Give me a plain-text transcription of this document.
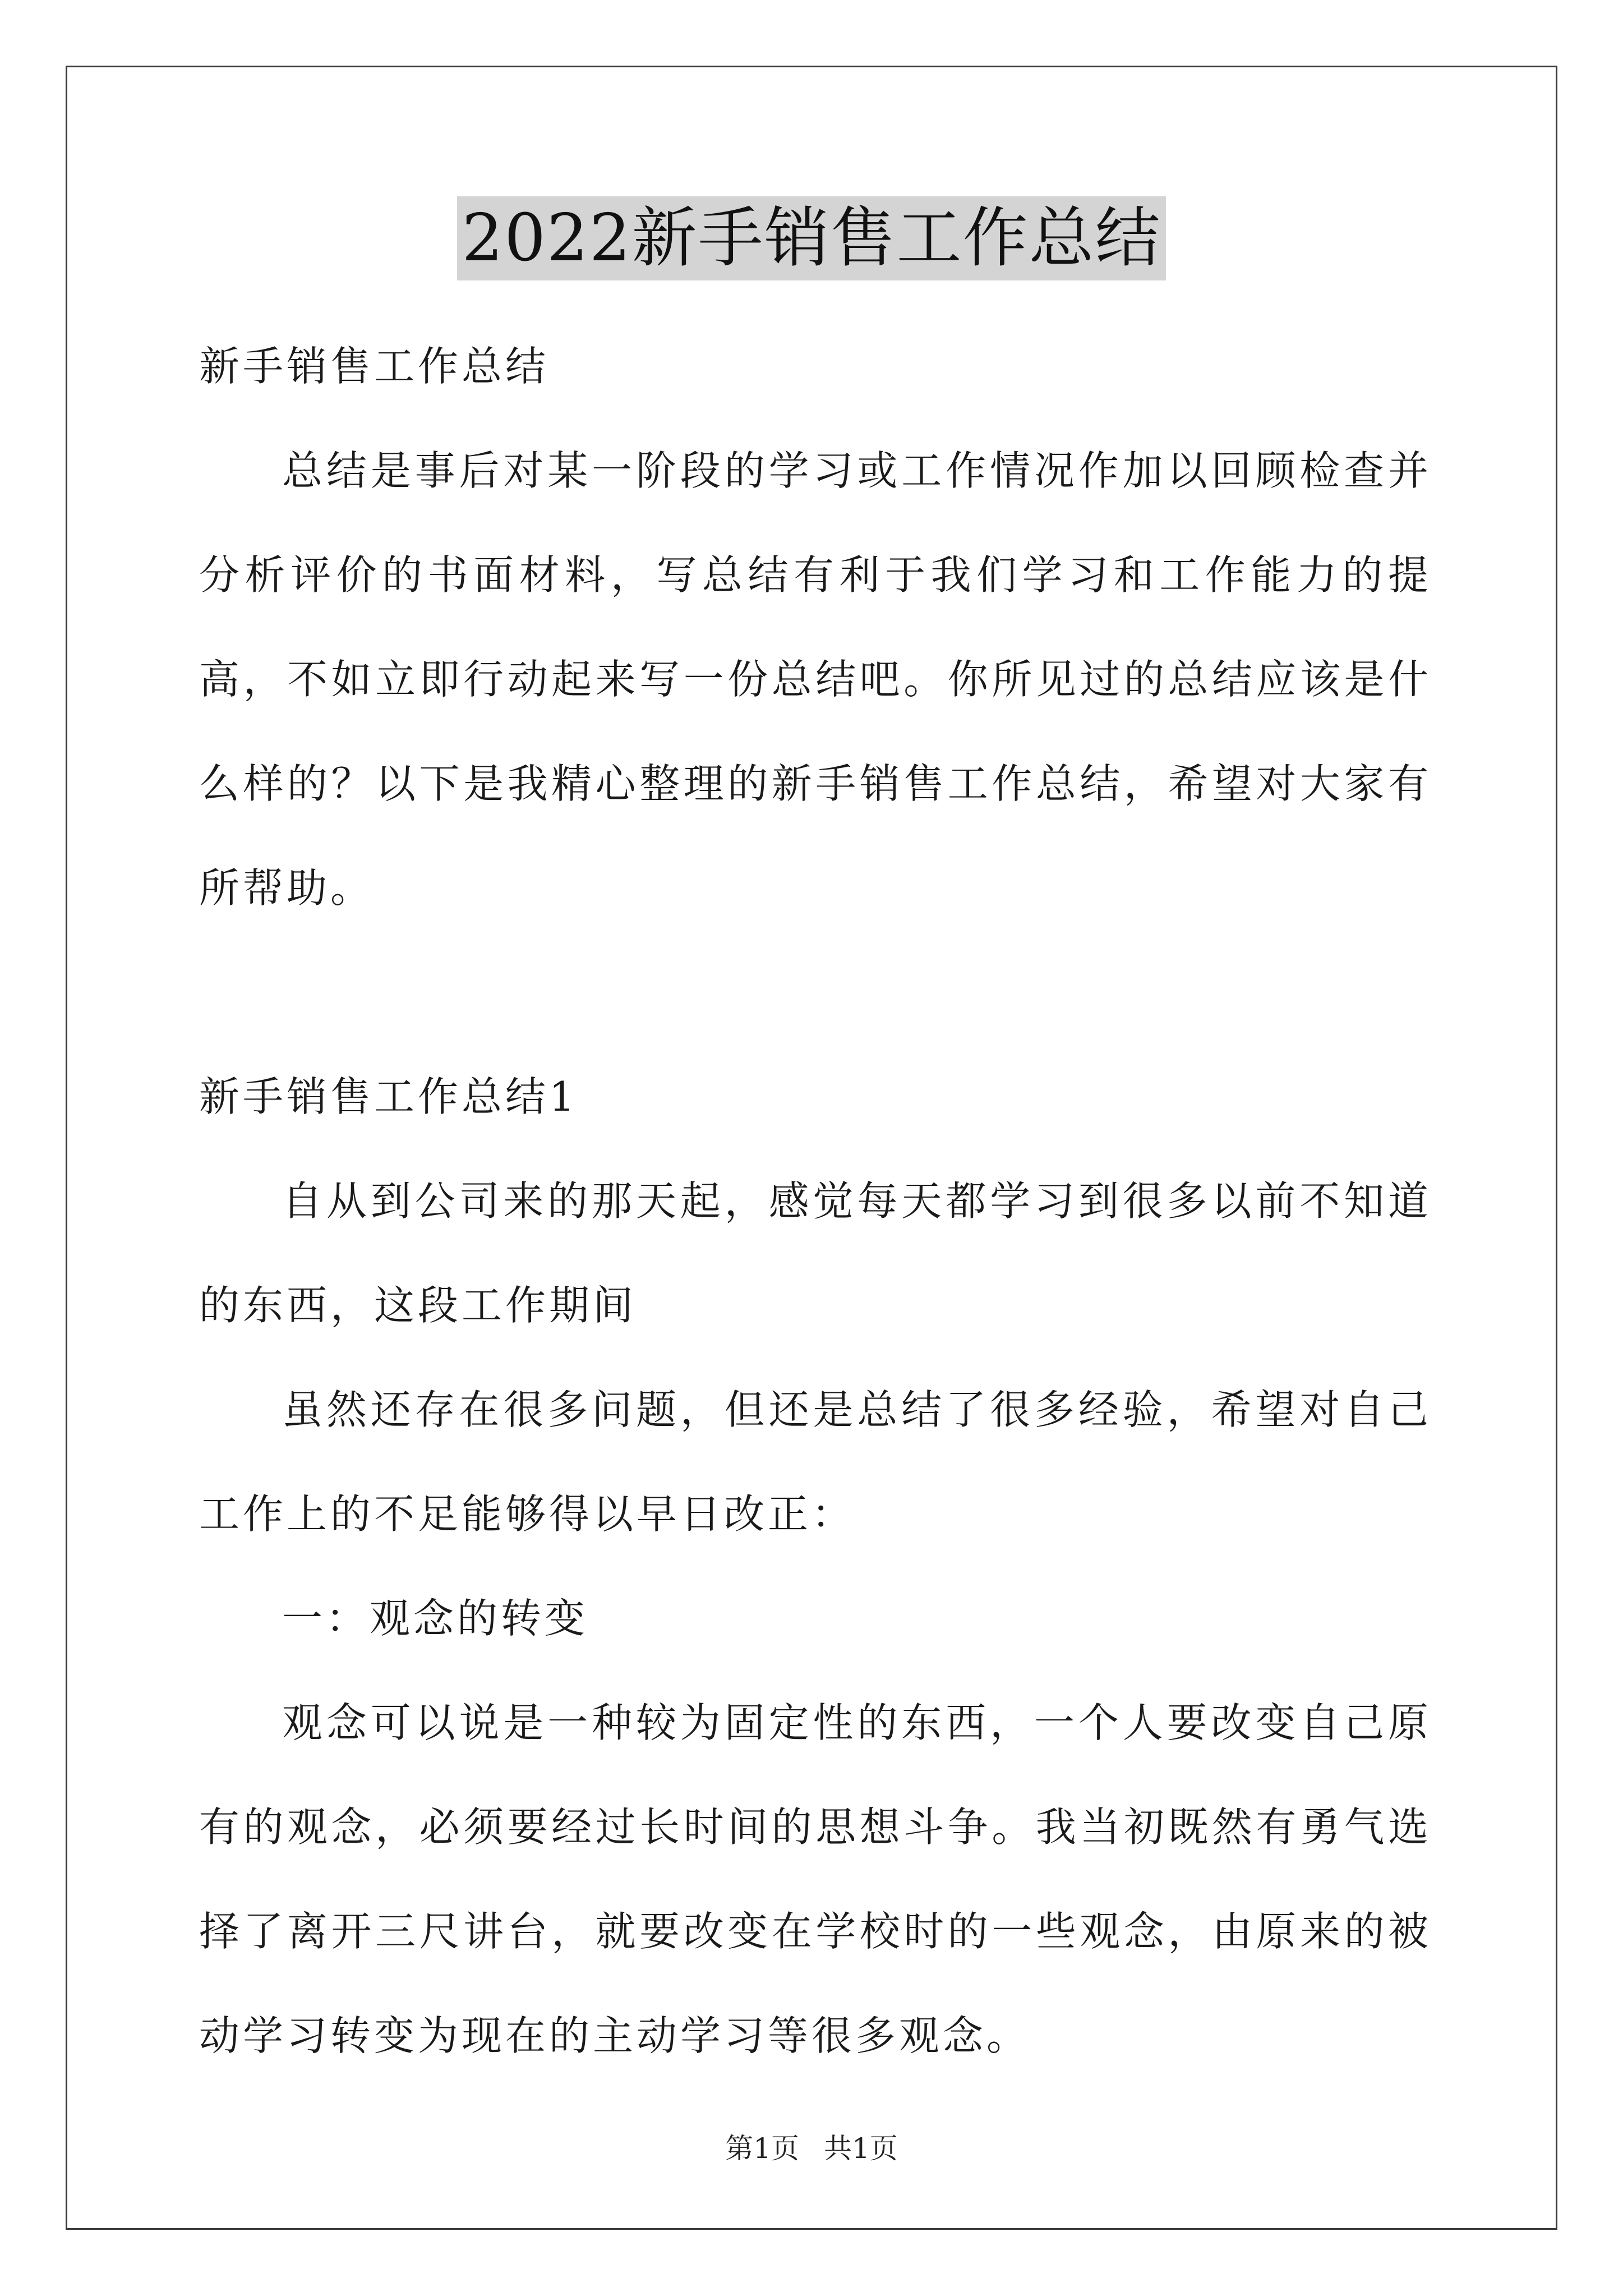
2022新手销售工作总结

新手销售工作总结

总结是事后对某一阶段的学习或工作情况作加以回顾检查并分析评价的书面材料，写总结有利于我们学习和工作能力的提高，不如立即行动起来写一份总结吧。你所见过的总结应该是什么样的？以下是我精心整理的新手销售工作总结，希望对大家有所帮助。

新手销售工作总结1

自从到公司来的那天起，感觉每天都学习到很多以前不知道的东西，这段工作期间

虽然还存在很多问题，但还是总结了很多经验，希望对自己工作上的不足能够得以早日改正：

一：观念的转变

观念可以说是一种较为固定性的东西，一个人要改变自己原有的观念，必须要经过长时间的思想斗争。我当初既然有勇气选择了离开三尺讲台，就要改变在学校时的一些观念，由原来的被动学习转变为现在的主动学习等很多观念。

第1页 共1页
